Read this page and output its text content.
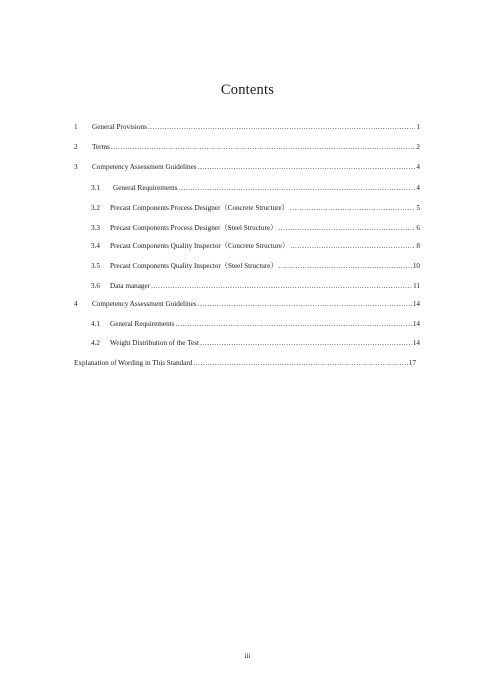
Contents
1	General Provisions .....	1
2	Terms .....	2
3	Competency Assessment Guidelines .....	4
3.1	General Requirements .....	4
3.2	Precast Components Process Designer（Concrete Structure） .....	5
3.3	Precast Components Process Designer（Steel Structure） .....	6
3.4	Precast Components Quality Inspector（Concrete Structure） .....	8
3.5	Precast Components Quality Inspector（Steel Structure） .....	10
3.6	Data manager .....	11
4	Competency Assessment Guidelines .....	14
4.1	General Requirements .....	14
4.2	Weight Distribution of the Test .....	14
Explanation of Wording in This Standard .....	17
iii
